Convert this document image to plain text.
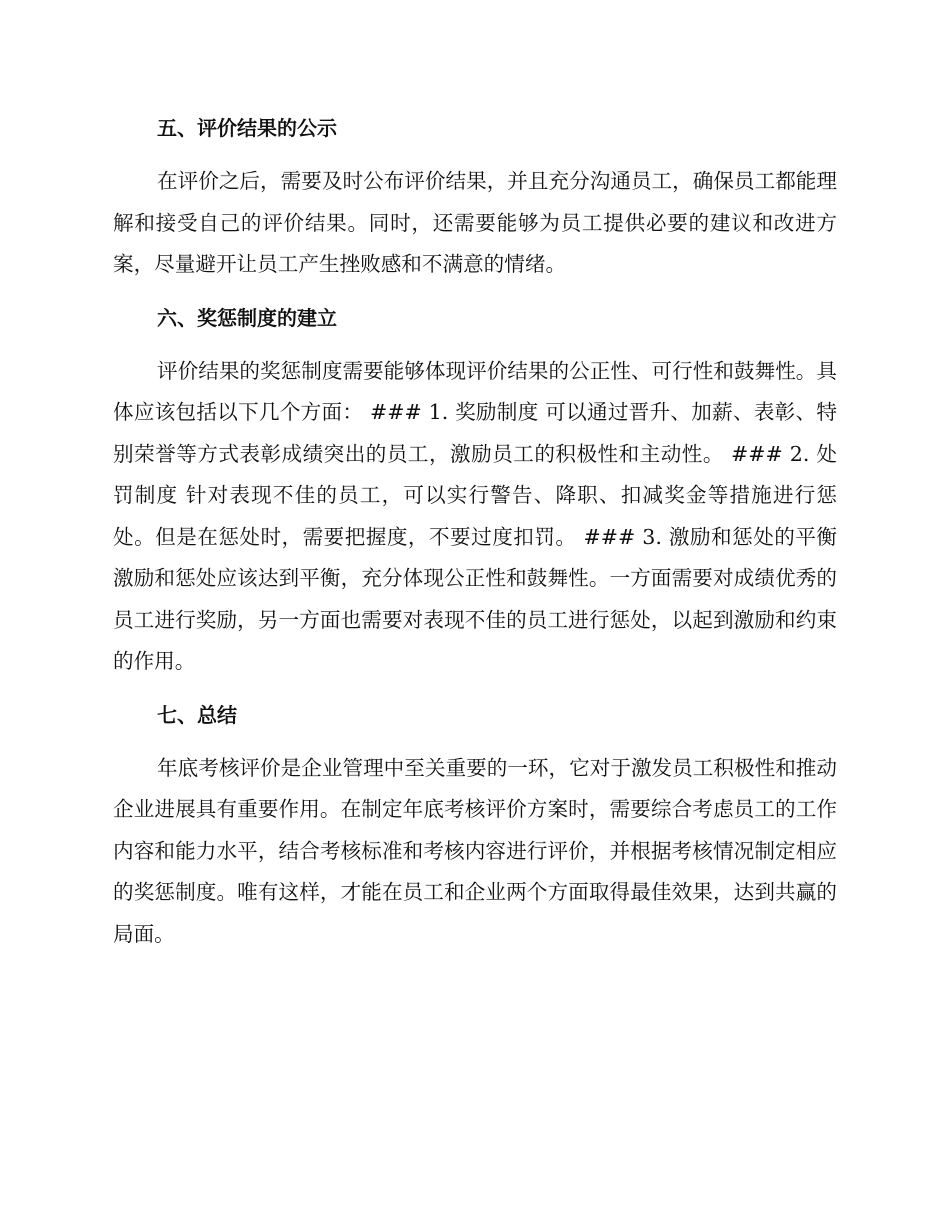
五、评价结果的公示

在评价之后，需要及时公布评价结果，并且充分沟通员工，确保员工都能理解和接受自己的评价结果。同时，还需要能够为员工提供必要的建议和改进方案，尽量避开让员工产生挫败感和不满意的情绪。

六、奖惩制度的建立

评价结果的奖惩制度需要能够体现评价结果的公正性、可行性和鼓舞性。具体应该包括以下几个方面： ### 1. 奖励制度 可以通过晋升、加薪、表彰、特别荣誉等方式表彰成绩突出的员工，激励员工的积极性和主动性。 ### 2. 处罚制度 针对表现不佳的员工，可以实行警告、降职、扣减奖金等措施进行惩处。但是在惩处时，需要把握度，不要过度扣罚。 ### 3. 激励和惩处的平衡 激励和惩处应该达到平衡，充分体现公正性和鼓舞性。一方面需要对成绩优秀的员工进行奖励，另一方面也需要对表现不佳的员工进行惩处，以起到激励和约束的作用。

七、总结

年底考核评价是企业管理中至关重要的一环，它对于激发员工积极性和推动企业进展具有重要作用。在制定年底考核评价方案时，需要综合考虑员工的工作内容和能力水平，结合考核标准和考核内容进行评价，并根据考核情况制定相应的奖惩制度。唯有这样，才能在员工和企业两个方面取得最佳效果，达到共赢的局面。
